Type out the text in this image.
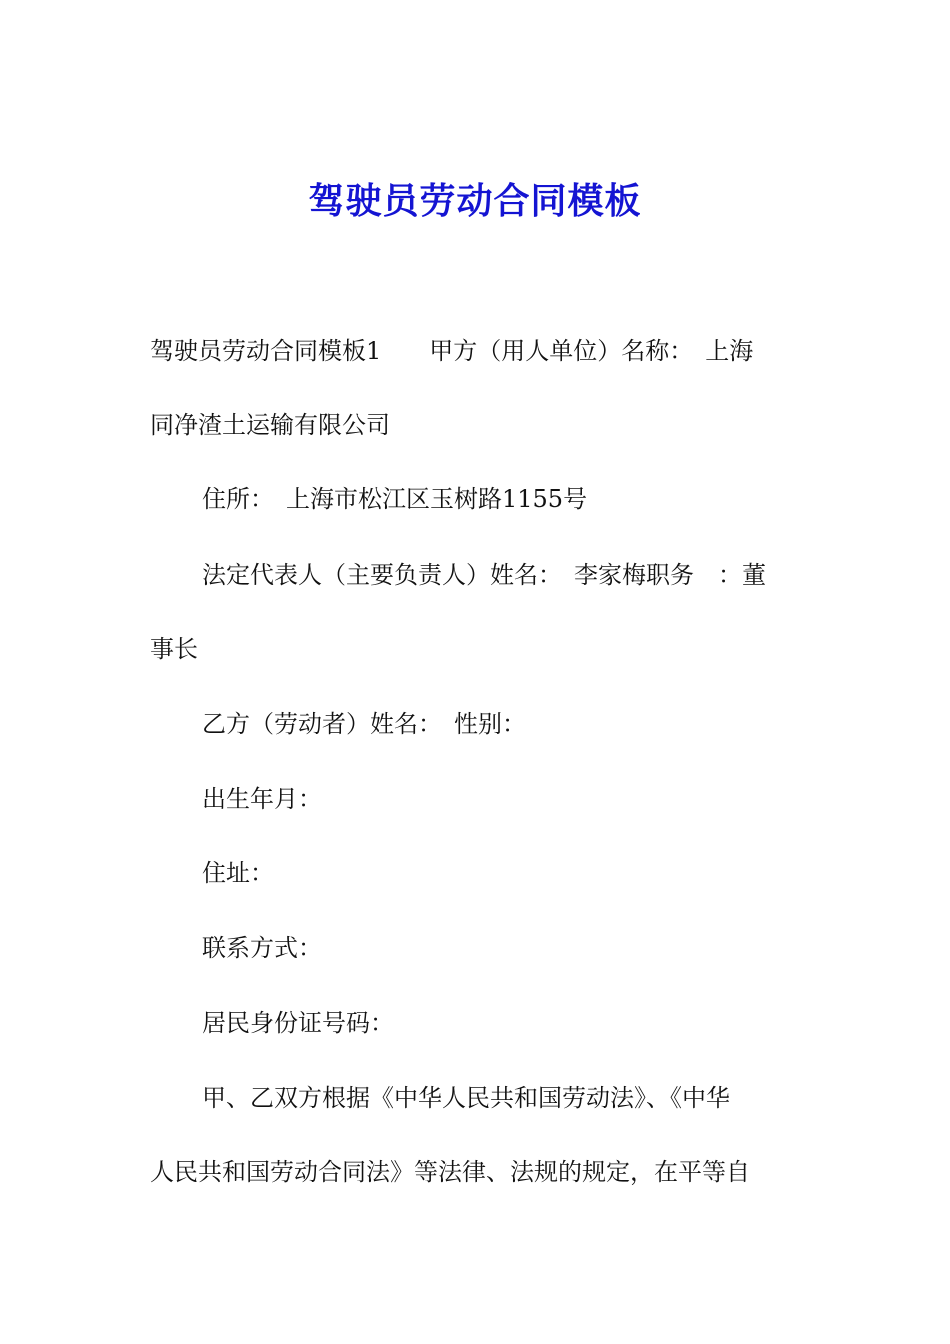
驾驶员劳动合同模板

驾驶员劳动合同模板1　　甲方（用人单位）名称：　上海

同净渣土运输有限公司

住所：　上海市松江区玉树路1155号

法定代表人（主要负责人）姓名：　李家梅职务　：董

事长

乙方（劳动者）姓名：　性别：

出生年月：

住址：

联系方式：

居民身份证号码：

甲、乙双方根据《中华人民共和国劳动法》、《中华

人民共和国劳动合同法》等法律、法规的规定，在平等自
